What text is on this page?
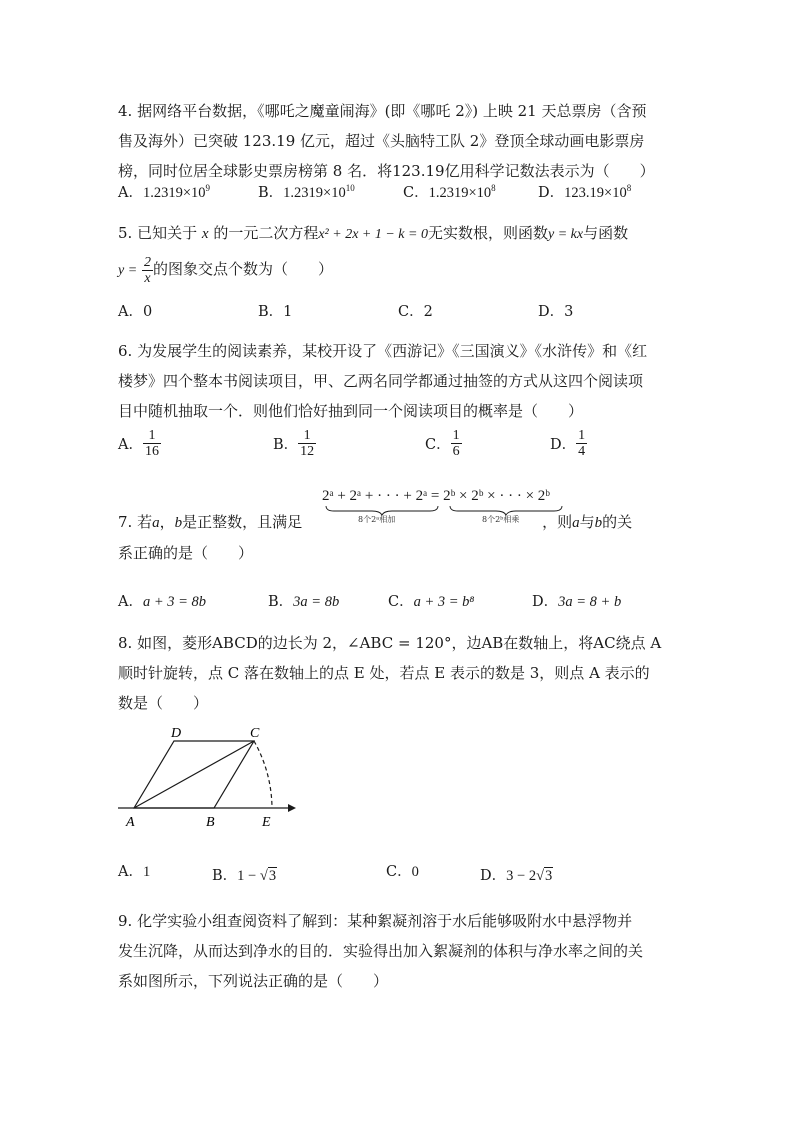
4. 据网络平台数据，《哪吒之魔童闹海》(即《哪吒 2》) 上映 21 天总票房（含预

售及海外）已突破 123.19 亿元，超过《头脑特工队 2》登顶全球动画电影票房

榜，同时位居全球影史票房榜第 8 名．将123.19亿用科学记数法表示为（　　）

A．$1.2319\times 10^9$	B．$1.2319\times 10^{10}$	C．$1.2319\times 10^8$	D．$123.19\times 10^8$

5. 已知关于 x 的一元二次方程x² + 2x + 1 − k = 0无实数根，则函数y = kx与函数

$y = \frac{2}{x}$ 的图象交点个数为（　　）

A．0	B．1	C．2	D．3

6. 为发展学生的阅读素养，某校开设了《西游记》《三国演义》《水浒传》和《红

楼梦》四个整本书阅读项目，甲、乙两名同学都通过抽签的方式从这四个阅读项

目中随机抽取一个．则他们恰好抽到同一个阅读项目的概率是（　　）

A． $\frac{1}{16}$	B． $\frac{1}{12}$	C． $\frac{1}{6}$	D． $\frac{1}{4}$

7. 若a，b是正整数，且满足	，则a与b的关

系正确的是（　　）

2ᵃ + 2ᵃ + · · · + 2ᵃ = 2ᵇ × 2ᵇ × · · · × 2ᵇ
8个2ᵃ相加	8个2ᵇ相乘
A．a + 3 = 8b	B．3a = 8b	C．a + 3 = b⁸	D．3a = 8 + b

8. 如图，菱形ABCD的边长为 2，∠ABC = 120°，边AB在数轴上，将AC绕点 A

顺时针旋转，点 C 落在数轴上的点 E 处，若点 E 表示的数是 3，则点 A 表示的

数是（　　）

A	B
C
D
E
A．1	B．1 − √3	C．0	D．3 − 2√3

9. 化学实验小组查阅资料了解到：某种絮凝剂溶于水后能够吸附水中悬浮物并

发生沉降，从而达到净水的目的．实验得出加入絮凝剂的体积与净水率之间的关

系如图所示，下列说法正确的是（　　）
